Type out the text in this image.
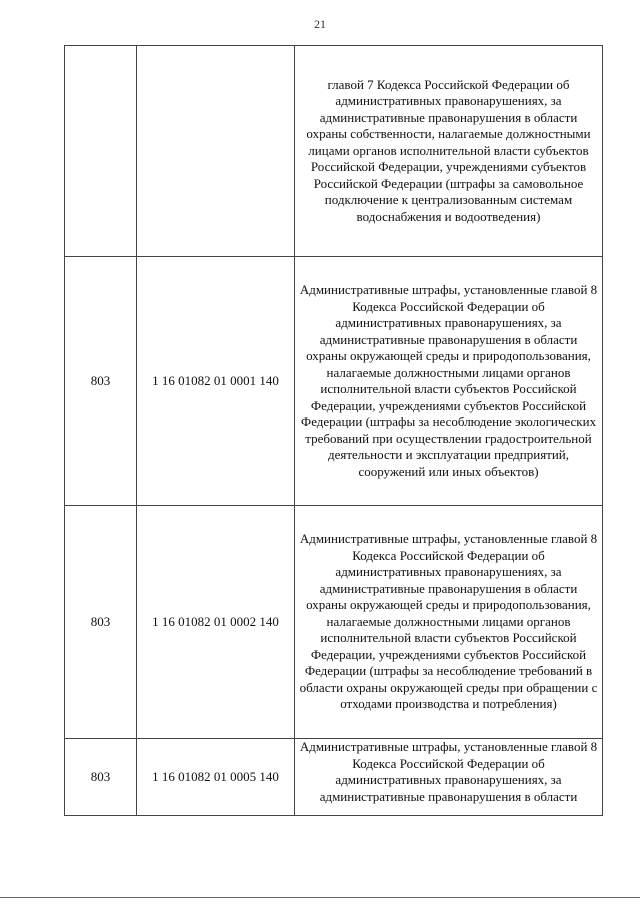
21
		главой 7 Кодекса Российской Федерации об административных правонарушениях, за административные правонарушения в области охраны собственности, налагаемые должностными лицами органов исполнительной власти субъектов Российской Федерации, учреждениями субъектов Российской Федерации (штрафы за самовольное подключение к централизованным системам водоснабжения и водоотведения)
803	1 16 01082 01 0001 140	Административные штрафы, установленные главой 8 Кодекса Российской Федерации об административных правонарушениях, за административные правонарушения в области охраны окружающей среды и природопользования, налагаемые должностными лицами органов исполнительной власти субъектов Российской Федерации, учреждениями субъектов Российской Федерации (штрафы за несоблюдение экологических требований при осуществлении градостроительной деятельности и эксплуатации предприятий, сооружений или иных объектов)
803	1 16 01082 01 0002 140	Административные штрафы, установленные главой 8 Кодекса Российской Федерации об административных правонарушениях, за административные правонарушения в области охраны окружающей среды и природопользования, налагаемые должностными лицами органов исполнительной власти субъектов Российской Федерации, учреждениями субъектов Российской Федерации (штрафы за несоблюдение требований в области охраны окружающей среды при обращении с отходами производства и потребления)
803	1 16 01082 01 0005 140	Административные штрафы, установленные главой 8 Кодекса Российской Федерации об административных правонарушениях, за административные правонарушения в области
